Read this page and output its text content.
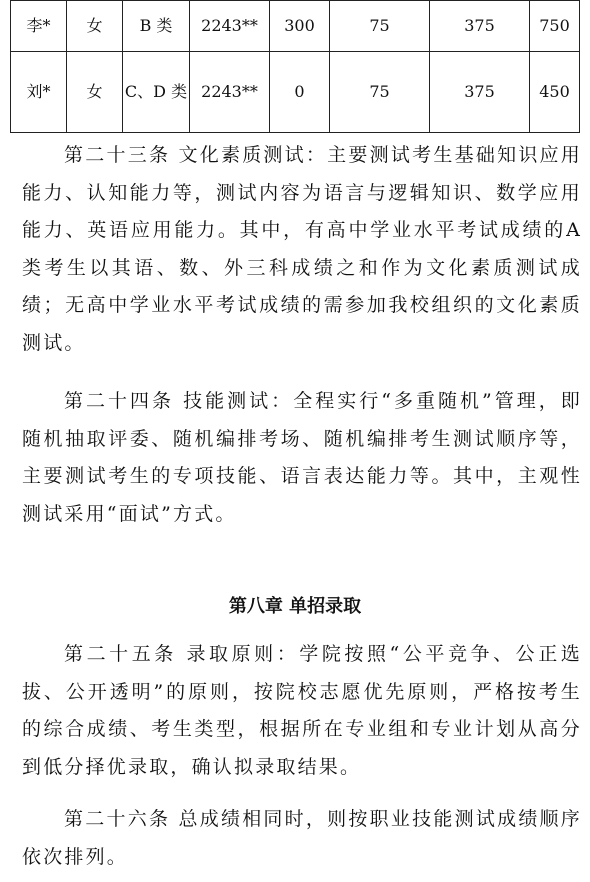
李*	女	B 类	2243**	300	75	375	750
刘*	女	C、D 类	2243**	0	75	375	450

第二十三条 文化素质测试：主要测试考生基础知识应用能力、认知能力等，测试内容为语言与逻辑知识、数学应用能力、英语应用能力。其中，有高中学业水平考试成绩的A类考生以其语、数、外三科成绩之和作为文化素质测试成绩；无高中学业水平考试成绩的需参加我校组织的文化素质测试。

第二十四条 技能测试：全程实行“多重随机”管理，即随机抽取评委、随机编排考场、随机编排考生测试顺序等，主要测试考生的专项技能、语言表达能力等。其中，主观性测试采用“面试”方式。

第八章 单招录取

第二十五条 录取原则：学院按照“公平竞争、公正选拔、公开透明”的原则，按院校志愿优先原则，严格按考生的综合成绩、考生类型，根据所在专业组和专业计划从高分到低分择优录取，确认拟录取结果。

第二十六条 总成绩相同时，则按职业技能测试成绩顺序依次排列。
